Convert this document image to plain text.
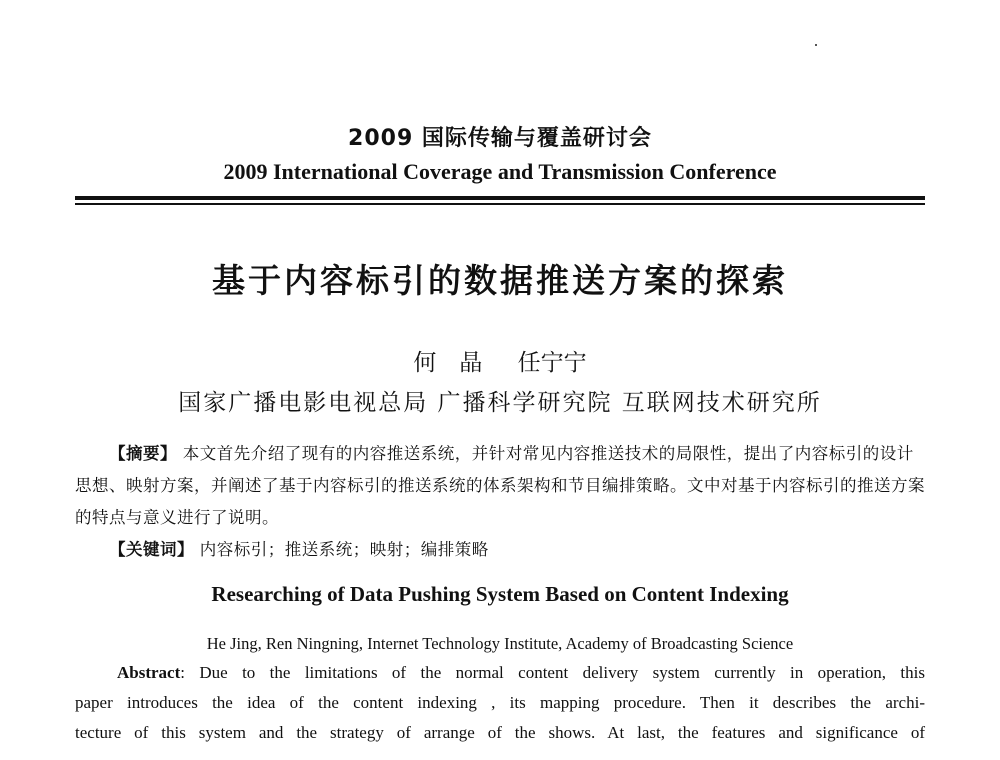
2009 国际传输与覆盖研讨会
2009 International Coverage and Transmission Conference
基于内容标引的数据推送方案的探索
何　晶 任宁宁
国家广播电影电视总局 广播科学研究院 互联网技术研究所
【摘要】 本文首先介绍了现有的内容推送系统，并针对常见内容推送技术的局限性，提出了内容标引的设计思想、映射方案，并阐述了基于内容标引的推送系统的体系架构和节目编排策略。文中对基于内容标引的推送方案的特点与意义进行了说明。
【关键词】 内容标引；推送系统；映射；编排策略
Researching of Data Pushing System Based on Content Indexing
He Jing, Ren Ningning, Internet Technology Institute, Academy of Broadcasting Science
Abstract: Due to the limitations of the normal content delivery system currently in operation, this
paper introduces the idea of the content indexing , its mapping procedure. Then it describes the archi-
tecture of this system and the strategy of arrange of the shows. At last, the features and significance of
